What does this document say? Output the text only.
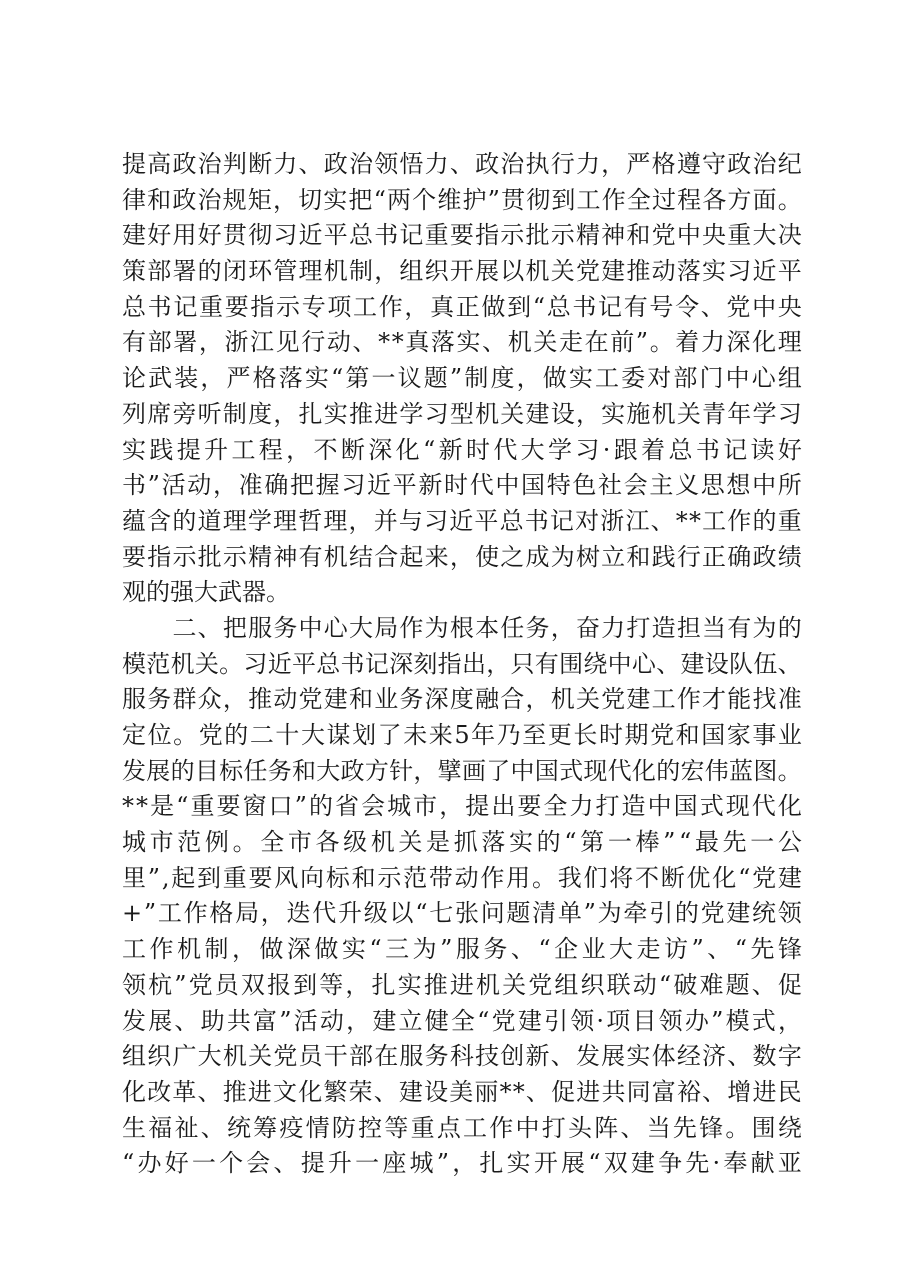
提 高 政 治 判 断 力 、 政 治 领 悟 力 、 政 治 执 行 力 ， 严 格 遵 守 政 治 纪
律 和 政 治 规 矩 ， 切 实 把 “ 两 个 维 护 ” 贯 彻 到 工 作 全 过 程 各 方 面 。
建 好 用 好 贯 彻 习 近 平 总 书 记 重 要 指 示 批 示 精 神 和 党 中 央 重 大 决
策 部 署 的 闭 环 管 理 机 制 ， 组 织 开 展 以 机 关 党 建 推 动 落 实 习 近 平
总 书 记 重 要 指 示 专 项 工 作 ， 真 正 做 到 “ 总 书 记 有 号 令 、 党 中 央
有 部 署 ， 浙 江 见 行 动 、 * * 真 落 实 、 机 关 走 在 前 ” 。 着 力 深 化 理
论 武 装 ， 严 格 落 实 “ 第 一 议 题 ” 制 度 ， 做 实 工 委 对 部 门 中 心 组
列 席 旁 听 制 度 ， 扎 实 推 进 学 习 型 机 关 建 设 ， 实 施 机 关 青 年 学 习
实 践 提 升 工 程 ， 不 断 深 化 “ 新 时 代 大 学 习 · 跟 着 总 书 记 读 好
书 ” 活 动 ， 准 确 把 握 习 近 平 新 时 代 中 国 特 色 社 会 主 义 思 想 中 所
蕴 含 的 道 理 学 理 哲 理 ， 并 与 习 近 平 总 书 记 对 浙 江 、 * * 工 作 的 重
要 指 示 批 示 精 神 有 机 结 合 起 来 ， 使 之 成 为 树 立 和 践 行 正 确 政 绩
观的强大武器。

二 、 把 服 务 中 心 大 局 作 为 根 本 任 务 ， 奋 力 打 造 担 当 有 为 的
模 范 机 关 。 习 近 平 总 书 记 深 刻 指 出 ， 只 有 围 绕 中 心 、 建 设 队 伍 、
服 务 群 众 ， 推 动 党 建 和 业 务 深 度 融 合 ， 机 关 党 建 工 作 才 能 找 准
定 位 。 党 的 二 十 大 谋 划 了 未 来 5 年 乃 至 更 长 时 期 党 和 国 家 事 业
发 展 的 目 标 任 务 和 大 政 方 针 ， 擘 画 了 中 国 式 现 代 化 的 宏 伟 蓝 图 。
* * 是 “ 重 要 窗 口 ” 的 省 会 城 市 ， 提 出 要 全 力 打 造 中 国 式 现 代 化
城 市 范 例 。 全 市 各 级 机 关 是 抓 落 实 的 “ 第 一 棒 ” “ 最 先 一 公
里 ” , 起 到 重 要 风 向 标 和 示 范 带 动 作 用 。 我 们 将 不 断 优 化 “ 党 建
+ ” 工 作 格 局 ， 迭 代 升 级 以 “ 七 张 问 题 清 单 ” 为 牵 引 的 党 建 统 领
工 作 机 制 ， 做 深 做 实 “ 三 为 ” 服 务 、 “ 企 业 大 走 访 ” 、 “ 先 锋
领 杭 ” 党 员 双 报 到 等 ， 扎 实 推 进 机 关 党 组 织 联 动 “ 破 难 题 、 促
发 展 、 助 共 富 ” 活 动 ， 建 立 健 全 “ 党 建 引 领 · 项 目 领 办 ” 模 式 ，
组 织 广 大 机 关 党 员 干 部 在 服 务 科 技 创 新 、 发 展 实 体 经 济 、 数 字
化 改 革 、 推 进 文 化 繁 荣 、 建 设 美 丽 * * 、 促 进 共 同 富 裕 、 增 进 民
生 福 祉 、 统 筹 疫 情 防 控 等 重 点 工 作 中 打 头 阵 、 当 先 锋 。 围 绕
“ 办 好 一 个 会 、 提 升 一 座 城 ” ， 扎 实 开 展 “ 双 建 争 先 · 奉 献 亚
